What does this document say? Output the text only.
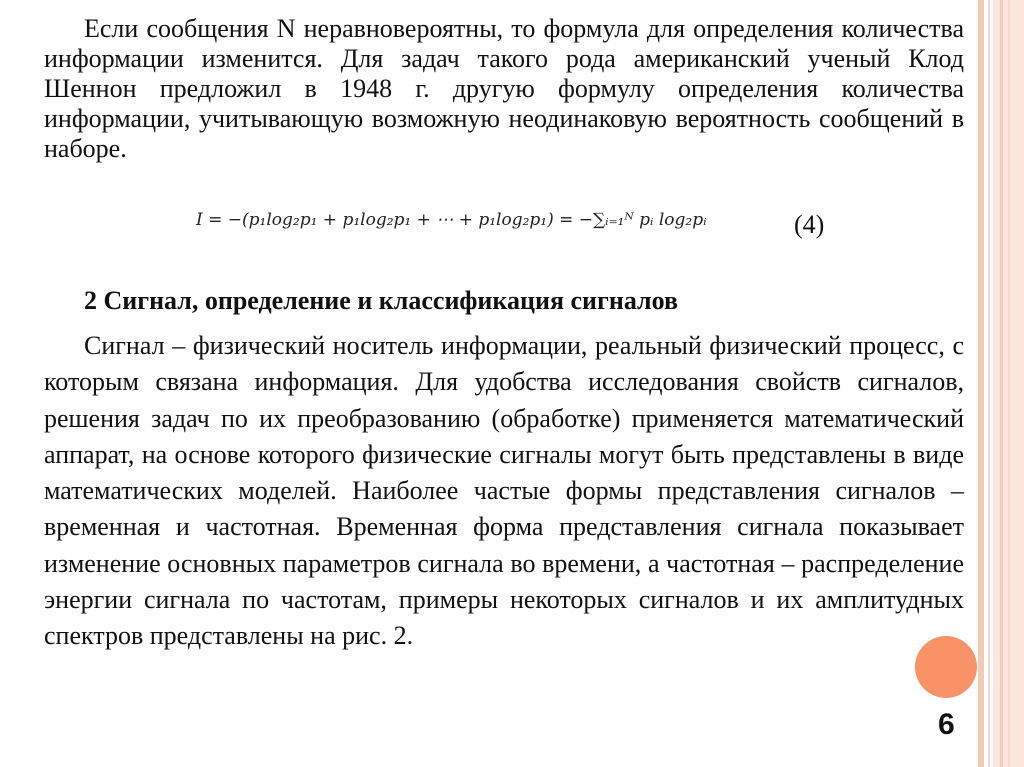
Если сообщения N неравновероятны, то формула для определения количества информации изменится. Для задач такого рода американский ученый Клод Шеннон предложил в 1948 г. другую формулу определения количества информации, учитывающую возможную неодинаковую вероятность сообщений в наборе.
I = −(p₁log₂p₁ + p₁log₂p₁ + ⋯ + p₁log₂p₁) = −∑ᵢ₌₁ᴺ pᵢ log₂pᵢ	(4)
2 Сигнал, определение и классификация сигналов
Сигнал – физический носитель информации, реальный физический процесс, с которым связана информация. Для удобства исследования свойств сигналов, решения задач по их преобразованию (обработке) применяется математический аппарат, на основе которого физические сигналы могут быть представлены в виде математических моделей. Наиболее частые формы представления сигналов – временная и частотная. Временная форма представления сигнала показывает изменение основных параметров сигнала во времени, а частотная – распределение энергии сигнала по частотам, примеры некоторых сигналов и их амплитудных спектров представлены на рис. 2.
6
